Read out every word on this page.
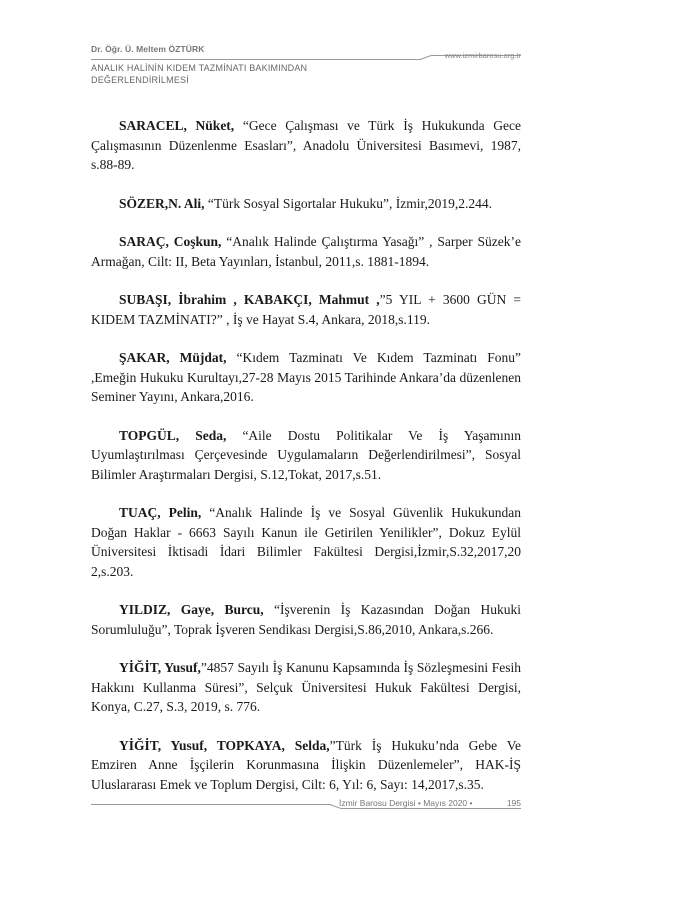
Dr. Öğr. Ü. Meltem ÖZTÜRK
www.izmirbarosu.org.tr
ANALIK HALİNİN KIDEM TAZMİNATI BAKIMINDAN
DEĞERLENDİRİLMESİ

SARACEL, Nüket, “Gece Çalışması ve Türk İş Hukukunda Gece Çalışmasının Düzenlenme Esasları”, Anadolu Üniversitesi Basımevi, 1987, s.88-89.

SÖZER,N. Ali, “Türk Sosyal Sigortalar Hukuku”, İzmir,2019,2.244.

SARAÇ, Coşkun, “Analık Halinde Çalıştırma Yasağı” , Sarper Süzek’e Armağan, Cilt: II, Beta Yayınları, İstanbul, 2011,s. 1881-1894.

SUBAŞI, İbrahim , KABAKÇI, Mahmut ,”5 YIL + 3600 GÜN = KIDEM TAZMİNATI?” , İş ve Hayat S.4, Ankara, 2018,s.119.

ŞAKAR, Müjdat, “Kıdem Tazminatı Ve Kıdem Tazminatı Fonu” ,Emeğin Hukuku Kurultayı,27-28 Mayıs 2015 Tarihinde Ankara’da düzenlenen Seminer Yayını, Ankara,2016.

TOPGÜL, Seda, “Aile Dostu Politikalar Ve İş Yaşamının Uyumlaştırılması Çerçevesinde Uygulamaların Değerlendirilmesi”, Sosyal Bilimler Araştırmaları Dergisi, S.12,Tokat, 2017,s.51.

TUAÇ, Pelin, “Analık Halinde İş ve Sosyal Güvenlik Hukukundan Doğan Haklar - 6663 Sayılı Kanun ile Getirilen Yenilikler”, Dokuz Eylül Üniversitesi İktisadi İdari Bilimler Fakültesi Dergisi,İzmir,S.32,2017,20 2,s.203.

YILDIZ, Gaye, Burcu, “İşverenin İş Kazasından Doğan Hukuki Sorumluluğu”, Toprak İşveren Sendikası Dergisi,S.86,2010, Ankara,s.266.

YİĞİT, Yusuf,”4857 Sayılı İş Kanunu Kapsamında İş Sözleşmesini Fesih Hakkını Kullanma Süresi”, Selçuk Üniversitesi Hukuk Fakültesi Dergisi, Konya, C.27, S.3, 2019, s. 776.

YİĞİT, Yusuf, TOPKAYA, Selda,”Türk İş Hukuku’nda Gebe Ve Emziren Anne İşçilerin Korunmasına İlişkin Düzenlemeler”, HAK-İŞ Uluslararası Emek ve Toplum Dergisi, Cilt: 6, Yıl: 6, Sayı: 14,2017,s.35.

İzmir Barosu Dergisi • Mayıs 2020 •	195
